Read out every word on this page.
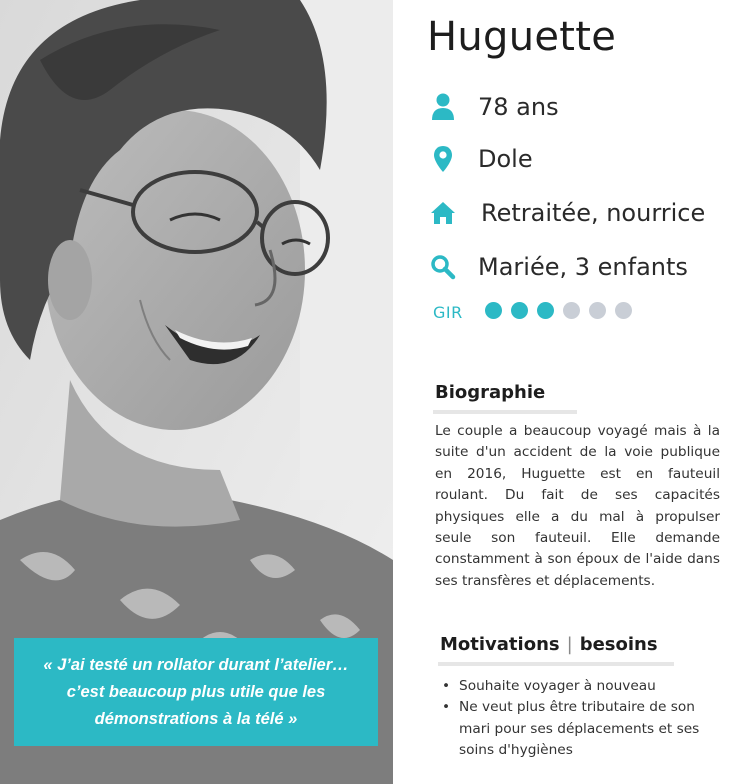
« J’ai testé un rollator durant l’atelier… c’est beaucoup plus utile que les démonstrations à la télé »
Huguette
78 ans
Dole
Retraitée, nourrice
Mariée, 3 enfants
GIR
Biographie

Le couple a beaucoup voyagé mais à la suite d'un accident de la voie publique en 2016, Huguette est en fauteuil roulant. Du fait de ses capacités physiques elle a du mal à propulser seule son fauteuil. Elle demande constamment à son époux de l'aide dans ses transfères et déplacements.

Motivations | besoins
• Souhaite voyager à nouveau
• Ne veut plus être tributaire de son mari pour ses déplacements et ses soins d'hygiènes
